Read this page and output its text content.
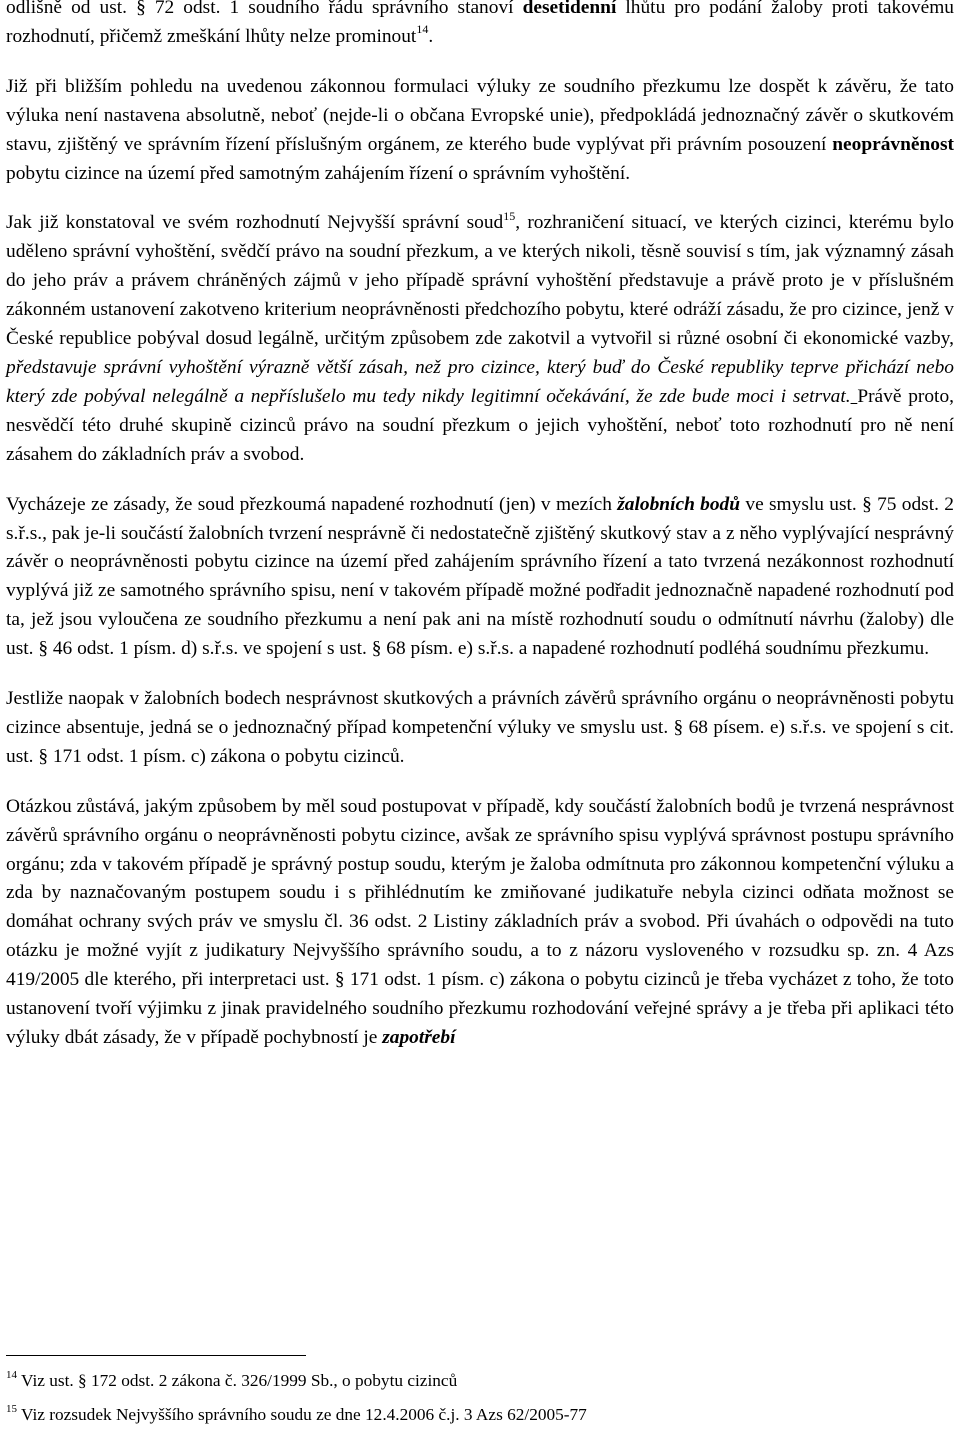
odlišně od ust. § 72 odst. 1 soudního řádu správního stanoví desetidenní lhůtu pro podání žaloby proti takovému rozhodnutí, přičemž zmeškání lhůty nelze prominout$^{14}$.

Již při bližším pohledu na uvedenou zákonnou formulaci výluky ze soudního přezkumu lze dospět k závěru, že tato výluka není nastavena absolutně, neboť (nejde-li o občana Evropské unie), předpokládá jednoznačný závěr o skutkovém stavu, zjištěný ve správním řízení příslušným orgánem, ze kterého bude vyplývat při právním posouzení neoprávněnost pobytu cizince na území před samotným zahájením řízení o správním vyhoštění.

Jak již konstatoval ve svém rozhodnutí Nejvyšší správní soud$^{15}$, rozhraničení situací, ve kterých cizinci, kterému bylo uděleno správní vyhoštění, svědčí právo na soudní přezkum, a ve kterých nikoli, těsně souvisí s tím, jak významný zásah do jeho práv a právem chráněných zájmů v jeho případě správní vyhoštění představuje a právě proto je v příslušném zákonném ustanovení zakotveno kriterium neoprávněnosti předchozího pobytu, které odráží zásadu, že pro cizince, jenž v České republice pobýval dosud legálně, určitým způsobem zde zakotvil a vytvořil si různé osobní či ekonomické vazby, představuje správní vyhoštění výrazně větší zásah, než pro cizince, který buď do České republiky teprve přichází nebo který zde pobýval nelegálně a nepříslušelo mu tedy nikdy legitimní očekávání, že zde bude moci i setrvat. Právě proto, nesvědčí této druhé skupině cizinců právo na soudní přezkum o jejich vyhoštění, neboť toto rozhodnutí pro ně není zásahem do základních práv a svobod.

Vycházeje ze zásady, že soud přezkoumá napadené rozhodnutí (jen) v mezích žalobních bodů ve smyslu ust. § 75 odst. 2 s.ř.s., pak je-li součástí žalobních tvrzení nesprávně či nedostatečně zjištěný skutkový stav a z něho vyplývající nesprávný závěr o neoprávněnosti pobytu cizince na území před zahájením správního řízení a tato tvrzená nezákonnost rozhodnutí vyplývá již ze samotného správního spisu, není v takovém případě možné podřadit jednoznačně napadené rozhodnutí pod ta, jež jsou vyloučena ze soudního přezkumu a není pak ani na místě rozhodnutí soudu o odmítnutí návrhu (žaloby) dle ust. § 46 odst. 1 písm. d) s.ř.s. ve spojení s ust. § 68 písm. e) s.ř.s. a napadené rozhodnutí podléhá soudnímu přezkumu.

Jestliže naopak v žalobních bodech nesprávnost skutkových a právních závěrů správního orgánu o neoprávněnosti pobytu cizince absentuje, jedná se o jednoznačný případ kompetenční výluky ve smyslu ust. § 68 písem. e) s.ř.s. ve spojení s cit. ust. § 171 odst. 1 písm. c) zákona o pobytu cizinců.

Otázkou zůstává, jakým způsobem by měl soud postupovat v případě, kdy součástí žalobních bodů je tvrzená nesprávnost závěrů správního orgánu o neoprávněnosti pobytu cizince, avšak ze správního spisu vyplývá správnost postupu správního orgánu; zda v takovém případě je správný postup soudu, kterým je žaloba odmítnuta pro zákonnou kompetenční výluku a zda by naznačovaným postupem soudu i s přihlédnutím ke zmiňované judikatuře nebyla cizinci odňata možnost se domáhat ochrany svých práv ve smyslu čl. 36 odst. 2 Listiny základních práv a svobod. Při úvahách o odpovědi na tuto otázku je možné vyjít z judikatury Nejvyššího správního soudu, a to z názoru vysloveného v rozsudku sp. zn. 4 Azs 419/2005 dle kterého, při interpretaci ust. § 171 odst. 1 písm. c) zákona o pobytu cizinců je třeba vycházet z toho, že toto ustanovení tvoří výjimku z jinak pravidelného soudního přezkumu rozhodování veřejné správy a je třeba při aplikaci této výluky dbát zásady, že v případě pochybností je zapotřebí

$^{14}$ Viz ust. § 172 odst. 2 zákona č. 326/1999 Sb., o pobytu cizinců
$^{15}$ Viz rozsudek Nejvyššího správního soudu ze dne 12.4.2006 č.j. 3 Azs 62/2005-77
